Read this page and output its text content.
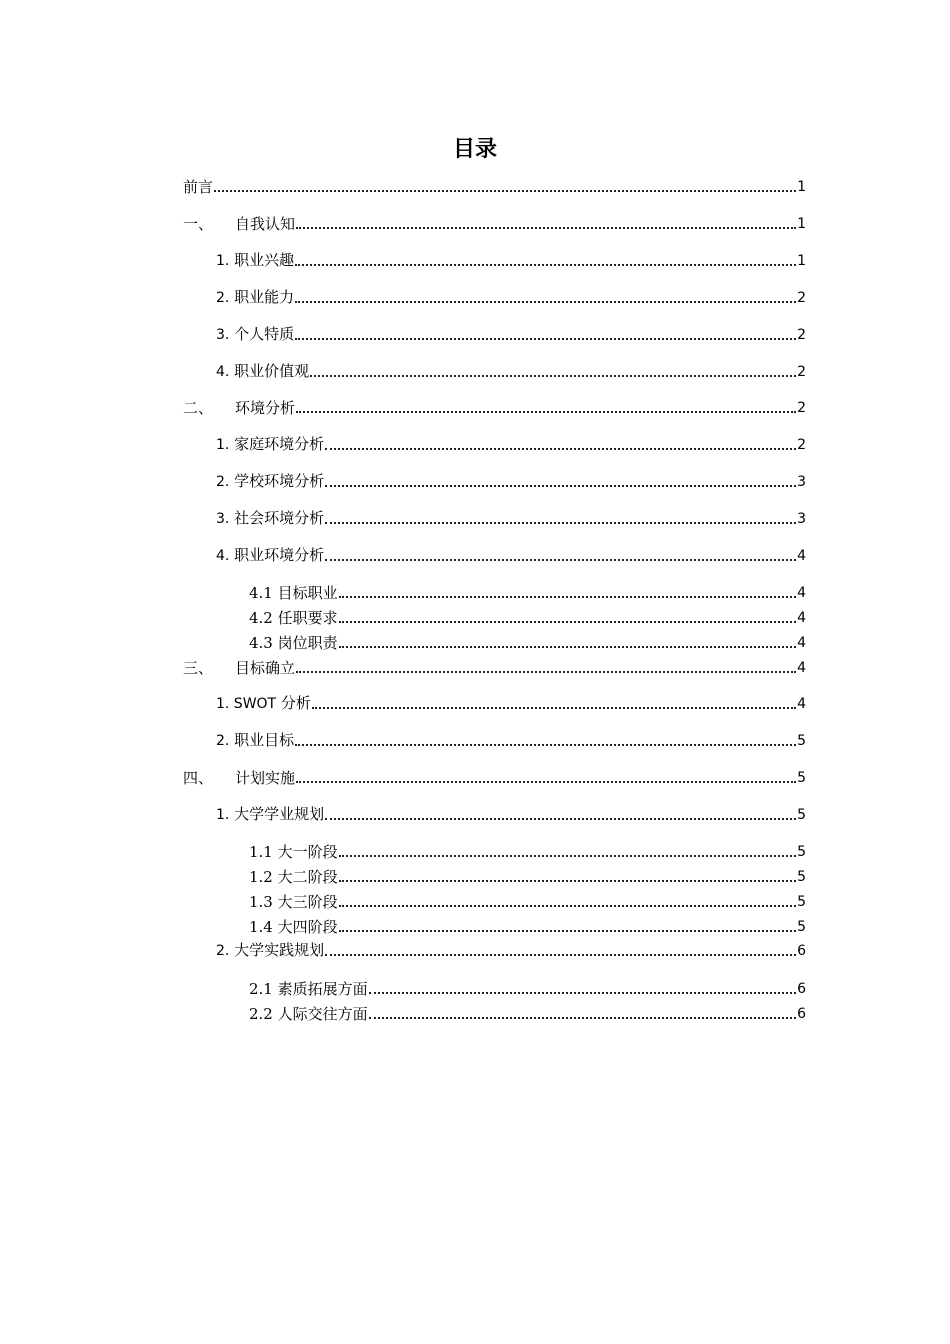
目录
前言	1
一、 自我认知	1
1. 职业兴趣	1
2. 职业能力	2
3. 个人特质	2
4. 职业价值观	2
二、 环境分析	2
1. 家庭环境分析	2
2. 学校环境分析	3
3. 社会环境分析	3
4. 职业环境分析	4
4.1 目标职业	4
4.2 任职要求	4
4.3 岗位职责	4
三、 目标确立	4
1. SWOT 分析	4
2. 职业目标	5
四、 计划实施	5
1. 大学学业规划	5
1.1 大一阶段	5
1.2 大二阶段	5
1.3 大三阶段	5
1.4 大四阶段	5
2. 大学实践规划	6
2.1 素质拓展方面	6
2.2 人际交往方面	6
